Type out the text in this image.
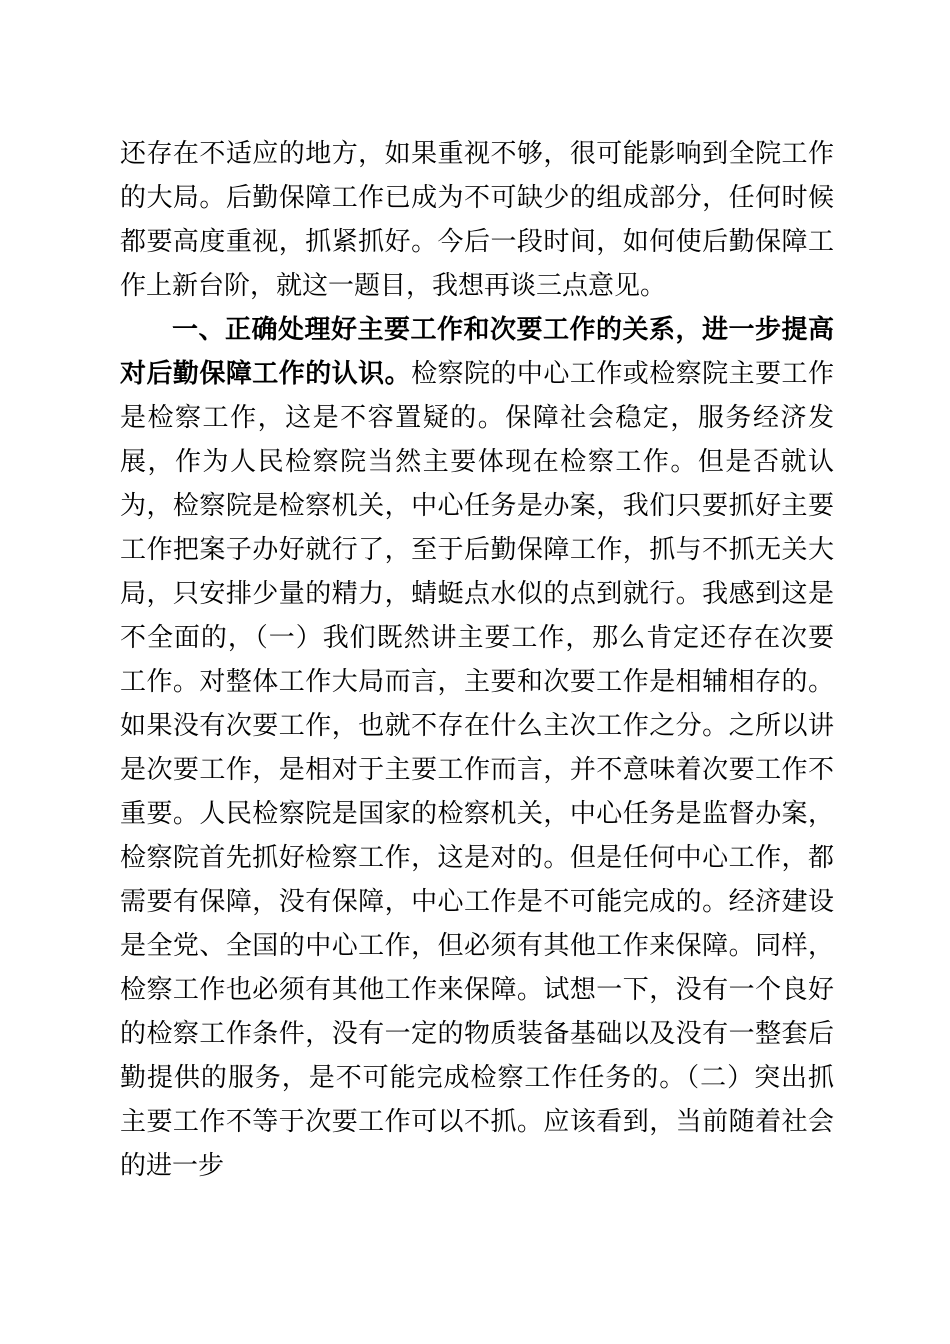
还存在不适应的地方，如果重视不够，很可能影响到全院工作的大局。后勤保障工作已成为不可缺少的组成部分，任何时候都要高度重视，抓紧抓好。今后一段时间，如何使后勤保障工作上新台阶，就这一题目，我想再谈三点意见。

一、正确处理好主要工作和次要工作的关系，进一步提高对后勤保障工作的认识。检察院的中心工作或检察院主要工作是检察工作，这是不容置疑的。保障社会稳定，服务经济发展，作为人民检察院当然主要体现在检察工作。但是否就认为，检察院是检察机关，中心任务是办案，我们只要抓好主要工作把案子办好就行了，至于后勤保障工作，抓与不抓无关大局，只安排少量的精力，蜻蜓点水似的点到就行。我感到这是不全面的，（一）我们既然讲主要工作，那么肯定还存在次要工作。对整体工作大局而言，主要和次要工作是相辅相存的。如果没有次要工作，也就不存在什么主次工作之分。之所以讲是次要工作，是相对于主要工作而言，并不意味着次要工作不重要。人民检察院是国家的检察机关，中心任务是监督办案，检察院首先抓好检察工作，这是对的。但是任何中心工作，都需要有保障，没有保障，中心工作是不可能完成的。经济建设是全党、全国的中心工作，但必须有其他工作来保障。同样，检察工作也必须有其他工作来保障。试想一下，没有一个良好的检察工作条件，没有一定的物质装备基础以及没有一整套后勤提供的服务，是不可能完成检察工作任务的。（二）突出抓主要工作不等于次要工作可以不抓。应该看到，当前随着社会的进一步
